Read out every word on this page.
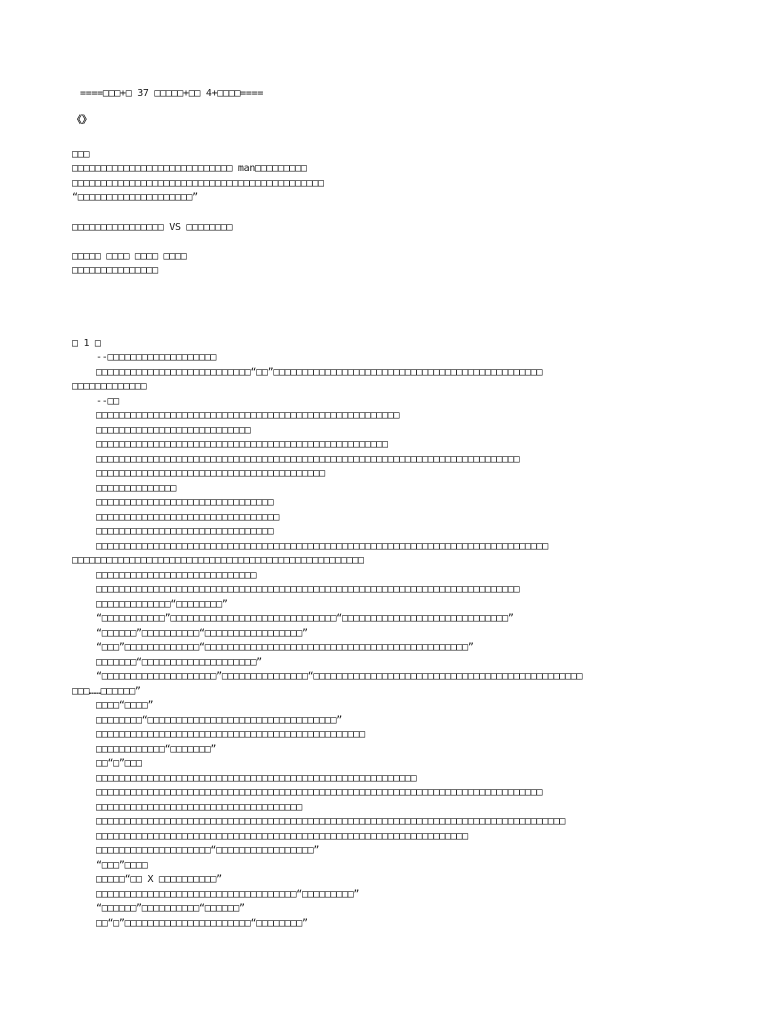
====□□□+□ 37 □□□□□+□□ 4+□□□□====
《》
□□□
□□□□□□□□□□□□□□□□□□□□□□□□□□□□ man□□□□□□□□□
□□□□□□□□□□□□□□□□□□□□□□□□□□□□□□□□□□□□□□□□□□□□
“□□□□□□□□□□□□□□□□□□□□”
□□□□□□□□□□□□□□□□ VS □□□□□□□□
□□□□□ □□□□ □□□□ □□□□
□□□□□□□□□□□□□□□
□ 1 □
--□□□□□□□□□□□□□□□□□□□
□□□□□□□□□□□□□□□□□□□□□□□□□□□“□□”□□□□□□□□□□□□□□□□□□□□□□□□□□□□□□□□□□□□□□□□□□□□□□□
□□□□□□□□□□□□□
--□□
□□□□□□□□□□□□□□□□□□□□□□□□□□□□□□□□□□□□□□□□□□□□□□□□□□□□□
□□□□□□□□□□□□□□□□□□□□□□□□□□□
□□□□□□□□□□□□□□□□□□□□□□□□□□□□□□□□□□□□□□□□□□□□□□□□□□□
□□□□□□□□□□□□□□□□□□□□□□□□□□□□□□□□□□□□□□□□□□□□□□□□□□□□□□□□□□□□□□□□□□□□□□□□□□
□□□□□□□□□□□□□□□□□□□□□□□□□□□□□□□□□□□□□□□□
□□□□□□□□□□□□□□
□□□□□□□□□□□□□□□□□□□□□□□□□□□□□□□
□□□□□□□□□□□□□□□□□□□□□□□□□□□□□□□□
□□□□□□□□□□□□□□□□□□□□□□□□□□□□□□□
□□□□□□□□□□□□□□□□□□□□□□□□□□□□□□□□□□□□□□□□□□□□□□□□□□□□□□□□□□□□□□□□□□□□□□□□□□□□□□□
□□□□□□□□□□□□□□□□□□□□□□□□□□□□□□□□□□□□□□□□□□□□□□□□□□□
□□□□□□□□□□□□□□□□□□□□□□□□□□□□
□□□□□□□□□□□□□□□□□□□□□□□□□□□□□□□□□□□□□□□□□□□□□□□□□□□□□□□□□□□□□□□□□□□□□□□□□□
□□□□□□□□□□□□□“□□□□□□□□”
“□□□□□□□□□□□”□□□□□□□□□□□□□□□□□□□□□□□□□□□□□“□□□□□□□□□□□□□□□□□□□□□□□□□□□□□”
“□□□□□□”□□□□□□□□□□“□□□□□□□□□□□□□□□□□”
“□□□”□□□□□□□□□□□□□“□□□□□□□□□□□□□□□□□□□□□□□□□□□□□□□□□□□□□□□□□□□□□□”
□□□□□□□“□□□□□□□□□□□□□□□□□□□□”
“□□□□□□□□□□□□□□□□□□□□”□□□□□□□□□□□□□□□“□□□□□□□□□□□□□□□□□□□□□□□□□□□□□□□□□□□□□□□□□□□□□□□
□□□……□□□□□□”
□□□□“□□□□”
□□□□□□□□“□□□□□□□□□□□□□□□□□□□□□□□□□□□□□□□□□”
□□□□□□□□□□□□□□□□□□□□□□□□□□□□□□□□□□□□□□□□□□□□□□□
□□□□□□□□□□□□“□□□□□□□”
□□“□”□□□
□□□□□□□□□□□□□□□□□□□□□□□□□□□□□□□□□□□□□□□□□□□□□□□□□□□□□□□□
□□□□□□□□□□□□□□□□□□□□□□□□□□□□□□□□□□□□□□□□□□□□□□□□□□□□□□□□□□□□□□□□□□□□□□□□□□□□□□
□□□□□□□□□□□□□□□□□□□□□□□□□□□□□□□□□□□□
□□□□□□□□□□□□□□□□□□□□□□□□□□□□□□□□□□□□□□□□□□□□□□□□□□□□□□□□□□□□□□□□□□□□□□□□□□□□□□□□□□
□□□□□□□□□□□□□□□□□□□□□□□□□□□□□□□□□□□□□□□□□□□□□□□□□□□□□□□□□□□□□□□□□
□□□□□□□□□□□□□□□□□□□□“□□□□□□□□□□□□□□□□□”
“□□□”□□□□
□□□□□“□□ X □□□□□□□□□□”
□□□□□□□□□□□□□□□□□□□□□□□□□□□□□□□□□□□“□□□□□□□□□”
“□□□□□□”□□□□□□□□□□“□□□□□□”
□□“□”□□□□□□□□□□□□□□□□□□□□□□“□□□□□□□□”
